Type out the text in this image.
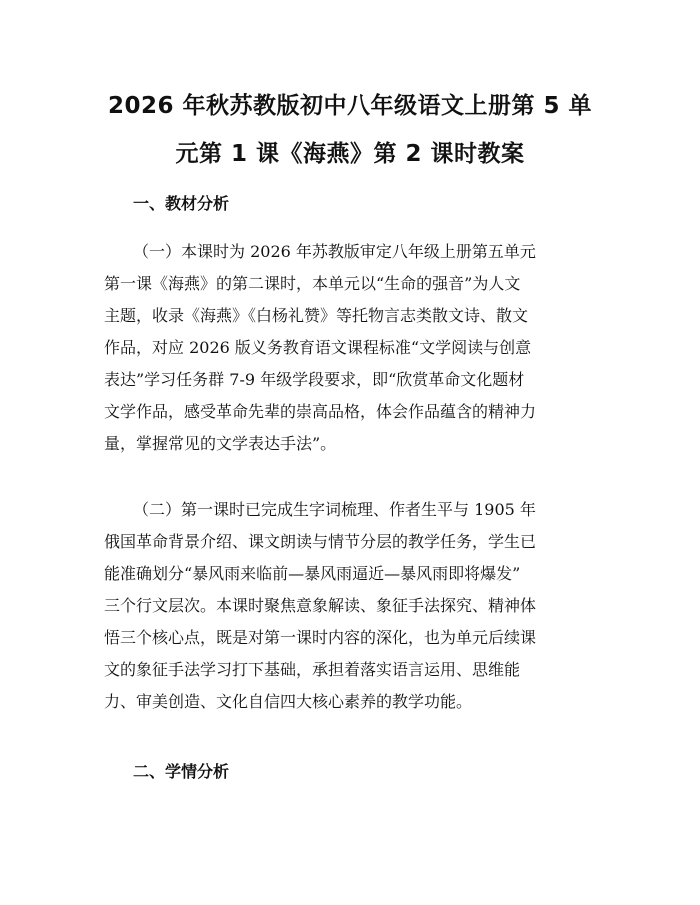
2026 年秋苏教版初中八年级语文上册第 5 单
元第 1 课《海燕》第 2 课时教案
一、教材分析
（一）本课时为 2026 年苏教版审定八年级上册第五单元
第一课《海燕》的第二课时，本单元以“生命的强音”为人文
主题，收录《海燕》《白杨礼赞》等托物言志类散文诗、散文
作品，对应 2026 版义务教育语文课程标准“文学阅读与创意
表达”学习任务群 7-9 年级学段要求，即“欣赏革命文化题材
文学作品，感受革命先辈的崇高品格，体会作品蕴含的精神力
量，掌握常见的文学表达手法”。
（二）第一课时已完成生字词梳理、作者生平与 1905 年
俄国革命背景介绍、课文朗读与情节分层的教学任务，学生已
能准确划分“暴风雨来临前—暴风雨逼近—暴风雨即将爆发”
三个行文层次。本课时聚焦意象解读、象征手法探究、精神体
悟三个核心点，既是对第一课时内容的深化，也为单元后续课
文的象征手法学习打下基础，承担着落实语言运用、思维能
力、审美创造、文化自信四大核心素养的教学功能。
二、学情分析
